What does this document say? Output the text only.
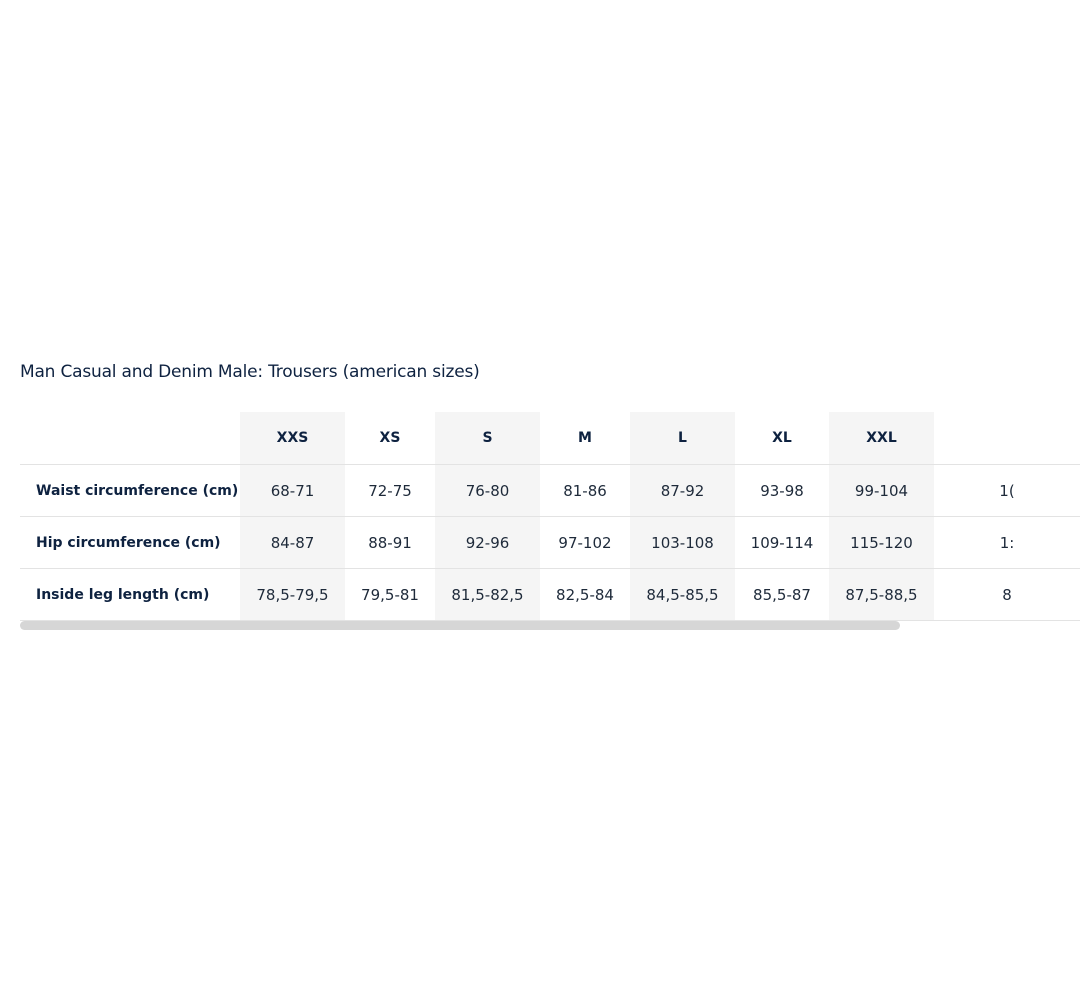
Man Casual and Denim Male: Trousers (american sizes)
	XXS	XS	S	M	L	XL	XXL	
Waist circumference (cm)	68-71	72-75	76-80	81-86	87-92	93-98	99-104	1(
Hip circumference (cm)	84-87	88-91	92-96	97-102	103-108	109-114	115-120	1:
Inside leg length (cm)	78,5-79,5	79,5-81	81,5-82,5	82,5-84	84,5-85,5	85,5-87	87,5-88,5	8
